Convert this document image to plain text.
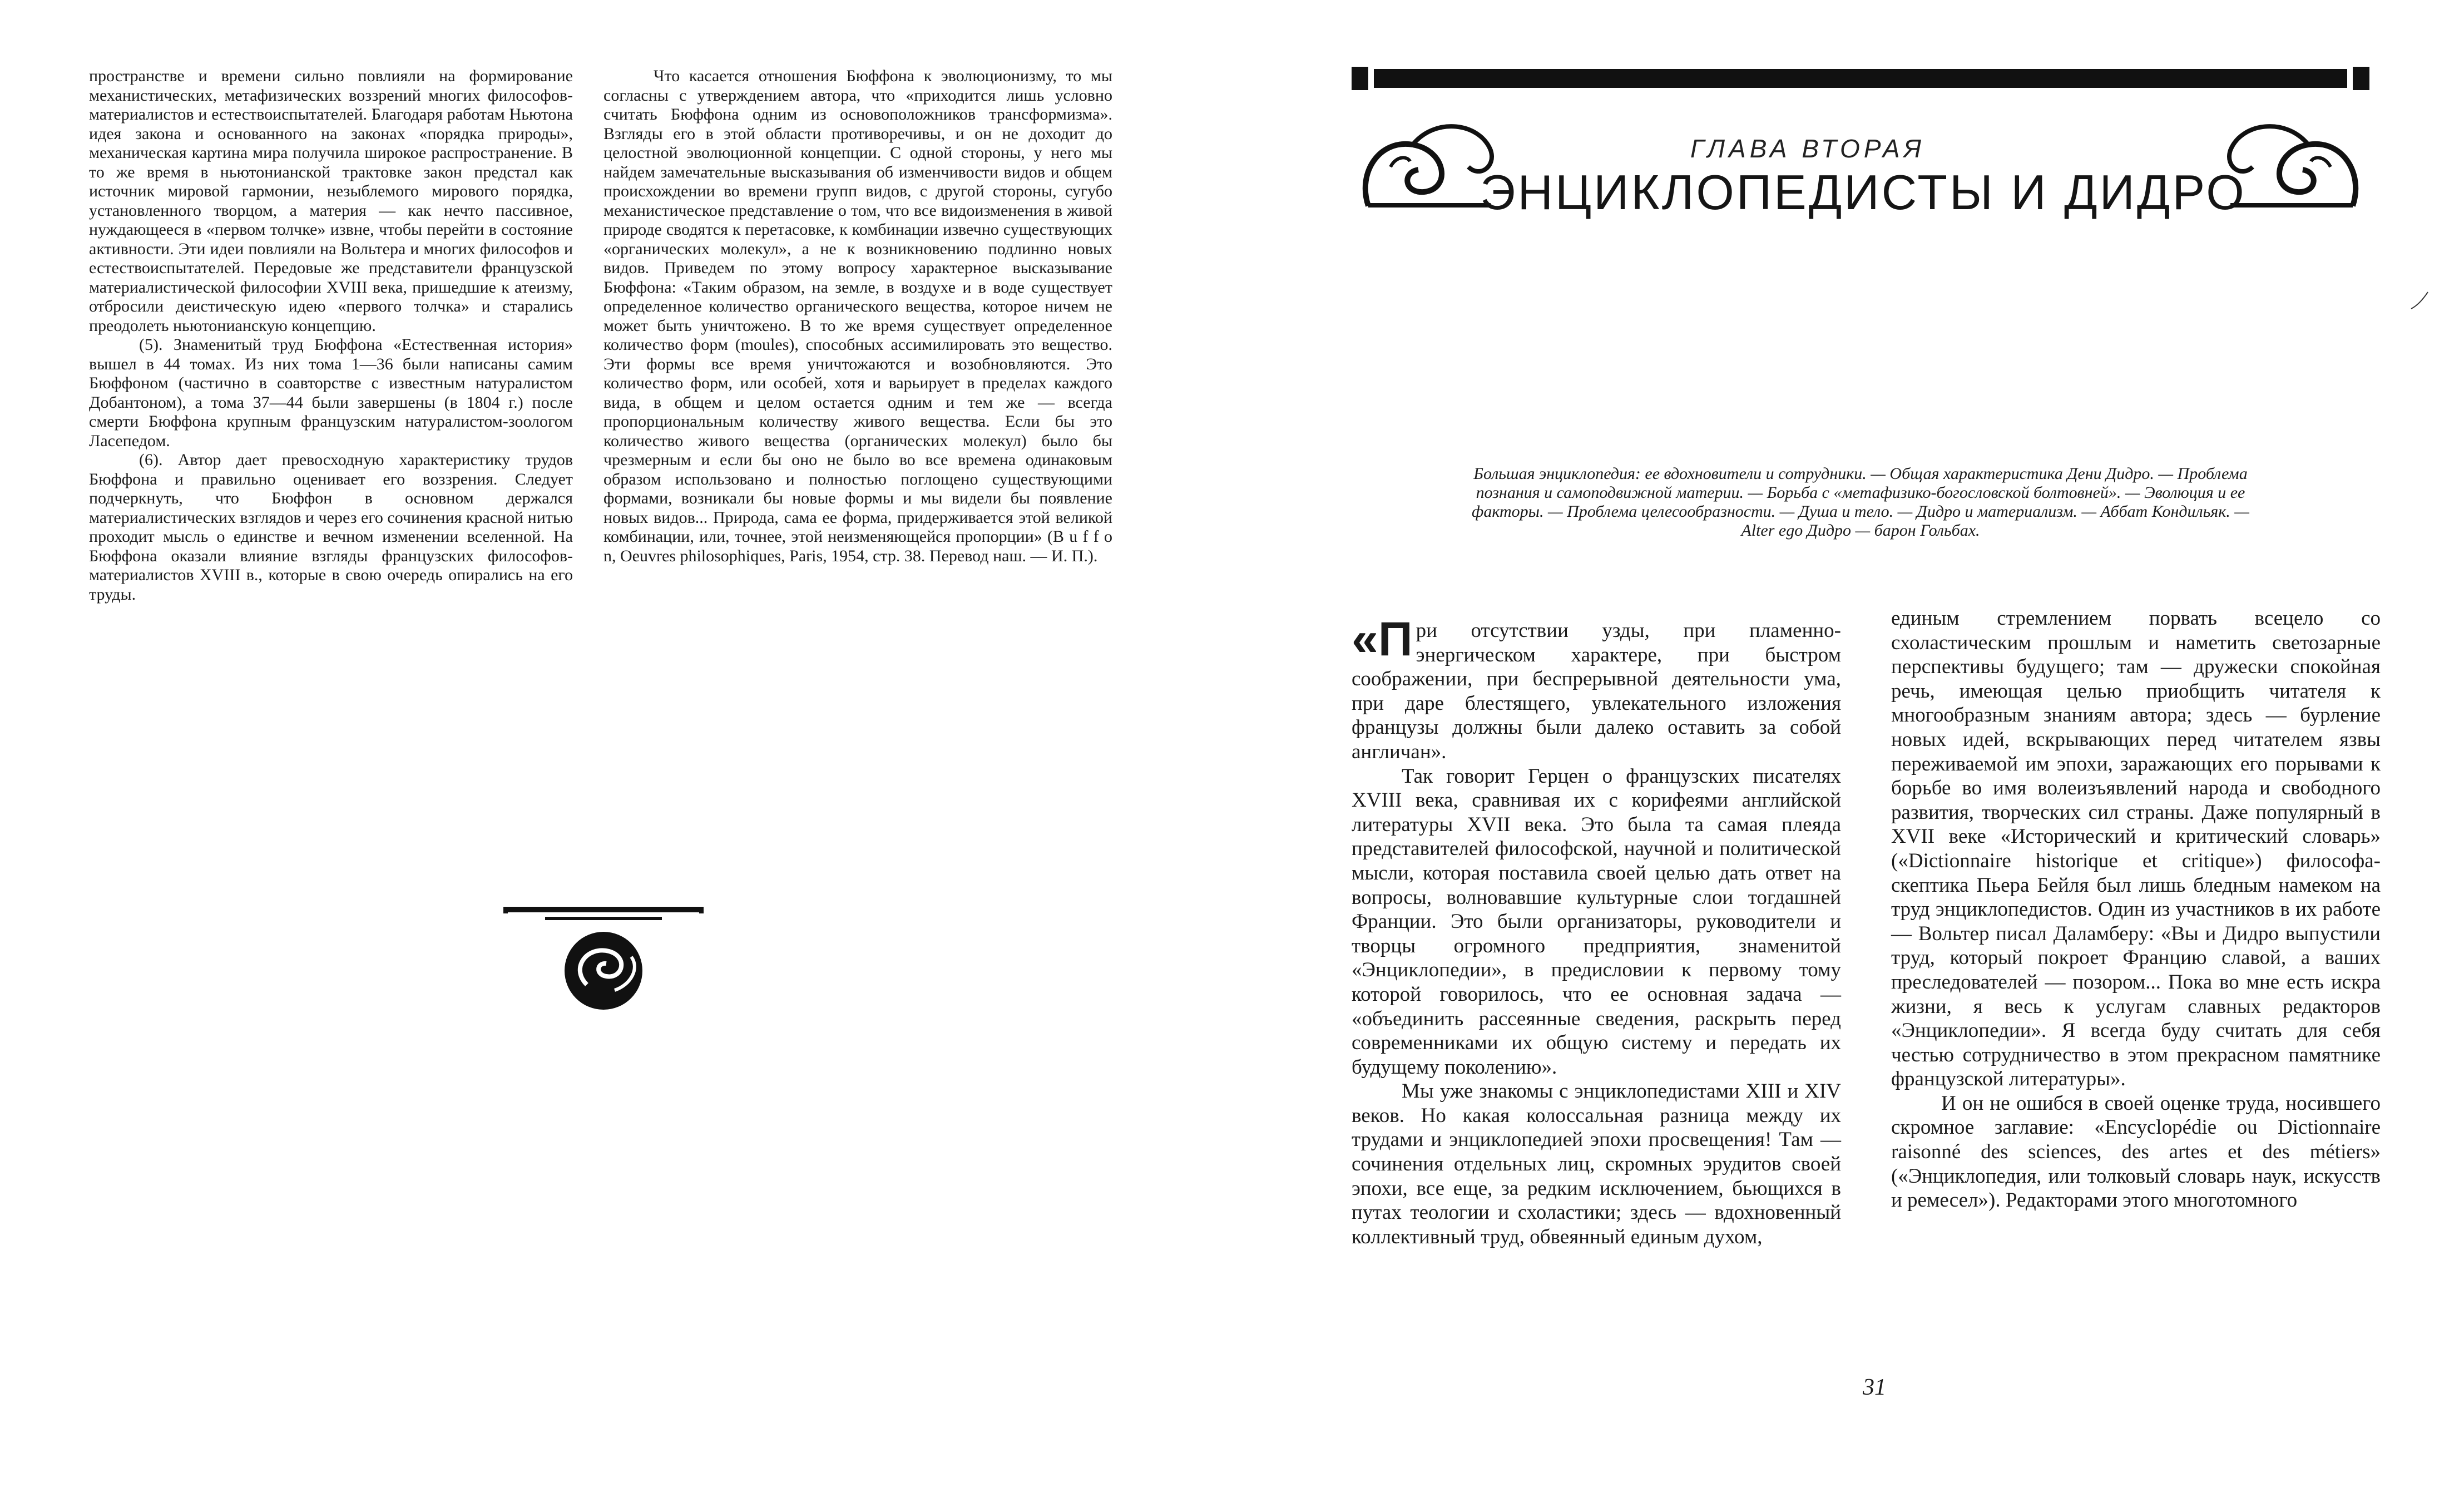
пространстве и времени сильно повлияли на формирование механистических, метафизических воззрений многих философов-материалистов и естествоиспытателей. Благодаря работам Ньютона идея закона и основанного на законах «порядка природы», механическая картина мира получила широкое распространение. В то же время в ньютонианской трактовке закон предстал как источник мировой гармонии, незыблемого мирового порядка, установленного творцом, а материя — как нечто пассивное, нуждающееся в «первом толчке» извне, чтобы перейти в состояние активности. Эти идеи повлияли на Вольтера и многих философов и естествоиспытателей. Передовые же представители французской материалистической философии XVIII века, пришедшие к атеизму, отбросили деистическую идею «первого толчка» и старались преодолеть ньютонианскую концепцию.

(5). Знаменитый труд Бюффона «Естественная история» вышел в 44 томах. Из них тома 1—36 были написаны самим Бюффоном (частично в соавторстве с известным натуралистом Добантоном), а тома 37—44 были завершены (в 1804 г.) после смерти Бюффона крупным французским натуралистом-зоологом Ласепедом.

(6). Автор дает превосходную характеристику трудов Бюффона и правильно оценивает его воззрения. Следует подчеркнуть, что Бюффон в основном держался материалистических взглядов и через его сочинения красной нитью проходит мысль о единстве и вечном изменении вселенной. На Бюффона оказали влияние взгляды французских философов-материалистов XVIII в., которые в свою очередь опирались на его труды.

Что касается отношения Бюффона к эволюционизму, то мы согласны с утверждением автора, что «приходится лишь условно считать Бюффона одним из основоположников трансформизма». Взгляды его в этой области противоречивы, и он не доходит до целостной эволюционной концепции. С одной стороны, у него мы найдем замечательные высказывания об изменчивости видов и общем происхождении во времени групп видов, с другой стороны, сугубо механистическое представление о том, что все видоизменения в живой природе сводятся к перетасовке, к комбинации извечно существующих «органических молекул», а не к возникновению подлинно новых видов. Приведем по этому вопросу характерное высказывание Бюффона: «Таким образом, на земле, в воздухе и в воде существует определенное количество органического вещества, которое ничем не может быть уничтожено. В то же время существует определенное количество форм (moules), способных ассимилировать это вещество. Эти формы все время уничтожаются и возобновляются. Это количество форм, или особей, хотя и варьирует в пределах каждого вида, в общем и целом остается одним и тем же — всегда пропорциональным количеству живого вещества. Если бы это количество живого вещества (органических молекул) было бы чрезмерным и если бы оно не было во все времена одинаковым образом использовано и полностью поглощено существующими формами, возникали бы новые формы и мы видели бы появление новых видов... Природа, сама ее форма, придерживается этой великой комбинации, или, точнее, этой неизменяющейся пропорции» (B u f f o n, Oeuvres philosophiques, Paris, 1954, стр. 38. Перевод наш. — И. П.).

ГЛАВА ВТОРАЯ
ЭНЦИКЛОПЕДИСТЫ И ДИДРО
Большая энциклопедия: ее вдохновители и сотрудники. — Общая характеристика Дени Дидро. — Проблема познания и самоподвижной материи. — Борьба с «метафизико-богословской болтовней». — Эволюция и ее факторы. — Проблема целесообразности. — Душа и тело. — Дидро и материализм. — Аббат Кондильяк. — Alter ego Дидро — барон Гольбах.

«П ри отсутствии узды, при пламенно-энергическом характере, при быстром соображении, при беспрерывной деятельности ума, при даре блестящего, увлекательного изложения французы должны были далеко оставить за собой англичан».

Так говорит Герцен о французских писателях XVIII века, сравнивая их с корифеями английской литературы XVII века. Это была та самая плеяда представителей философской, научной и политической мысли, которая поставила своей целью дать ответ на вопросы, волновавшие культурные слои тогдашней Франции. Это были организаторы, руководители и творцы огромного предприятия, знаменитой «Энциклопедии», в предисловии к первому тому которой говорилось, что ее основная задача — «объединить рассеянные сведения, раскрыть перед современниками их общую систему и передать их будущему поколению».

Мы уже знакомы с энциклопедистами XIII и XIV веков. Но какая колоссальная разница между их трудами и энциклопедией эпохи просвещения! Там — сочинения отдельных лиц, скромных эрудитов своей эпохи, все еще, за редким исключением, бьющихся в путах теологии и схоластики; здесь — вдохновенный коллективный труд, обвеянный единым духом,

единым стремлением порвать всецело со схоластическим прошлым и наметить светозарные перспективы будущего; там — дружески спокойная речь, имеющая целью приобщить читателя к многообразным знаниям автора; здесь — бурление новых идей, вскрывающих перед читателем язвы переживаемой им эпохи, заражающих его порывами к борьбе во имя волеизъявлений народа и свободного развития, творческих сил страны. Даже популярный в XVII веке «Исторический и критический словарь» («Dictionnaire historique et critique») философа-скептика Пьера Бейля был лишь бледным намеком на труд энциклопедистов. Один из участников в их работе — Вольтер писал Даламберу: «Вы и Дидро выпустили труд, который покроет Францию славой, а ваших преследователей — позором... Пока во мне есть искра жизни, я весь к услугам славных редакторов «Энциклопедии». Я всегда буду считать для себя честью сотрудничество в этом прекрасном памятнике французской литературы».

И он не ошибся в своей оценке труда, носившего скромное заглавие: «Encyclopédie ou Dictionnaire raisonné des sciences, des artes et des métiers» («Энциклопедия, или толковый словарь наук, искусств и ремесел»). Редакторами этого многотомного

31
